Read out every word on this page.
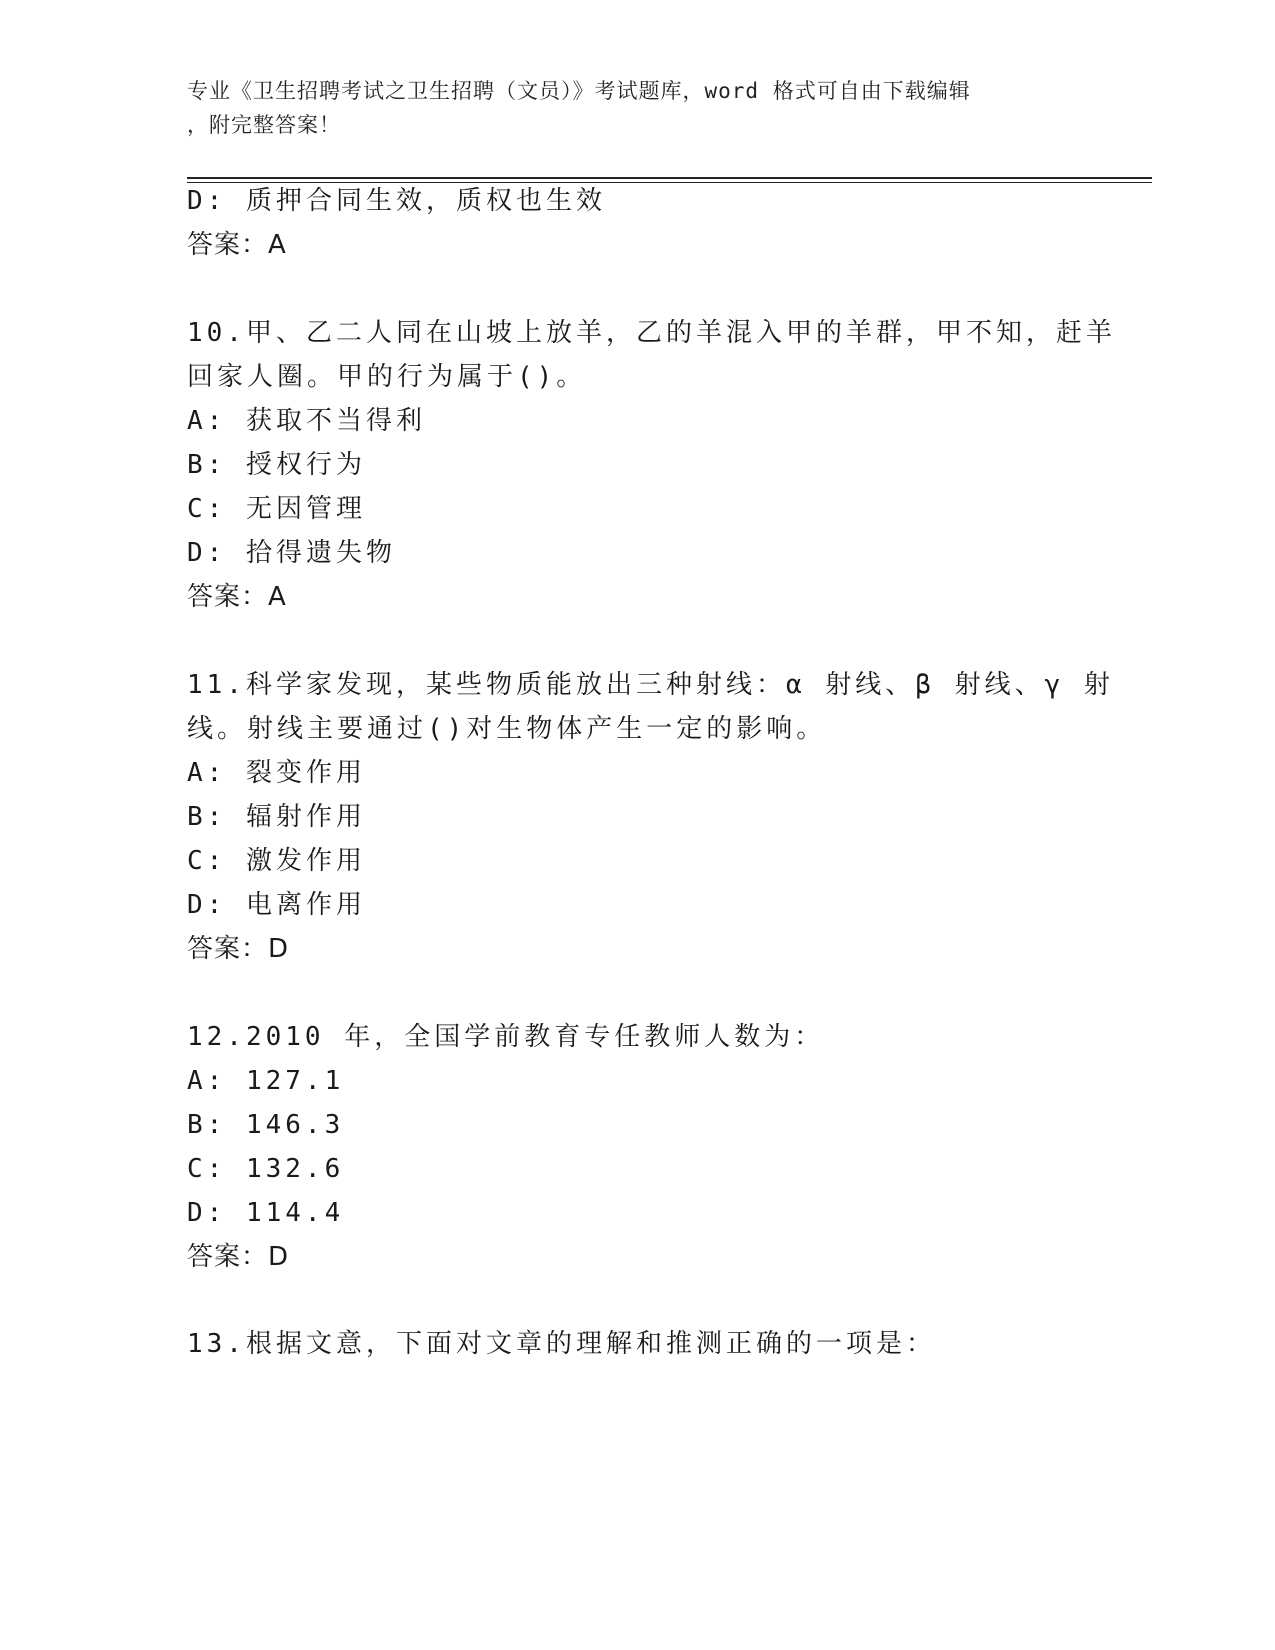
专业《卫生招聘考试之卫生招聘（文员）》考试题库，word 格式可自由下载编辑
，附完整答案！
D: 质押合同生效，质权也生效
答案：A
10.甲、乙二人同在山坡上放羊，乙的羊混入甲的羊群，甲不知，赶羊
回家人圈。甲的行为属于()。
A: 获取不当得利
B: 授权行为
C: 无因管理
D: 拾得遗失物
答案：A
11.科学家发现，某些物质能放出三种射线：α 射线、β 射线、γ 射
线。射线主要通过()对生物体产生一定的影响。
A: 裂变作用
B: 辐射作用
C: 激发作用
D: 电离作用
答案：D
12.2010 年，全国学前教育专任教师人数为：
A: 127.1
B: 146.3
C: 132.6
D: 114.4
答案：D
13.根据文意，下面对文章的理解和推测正确的一项是：
